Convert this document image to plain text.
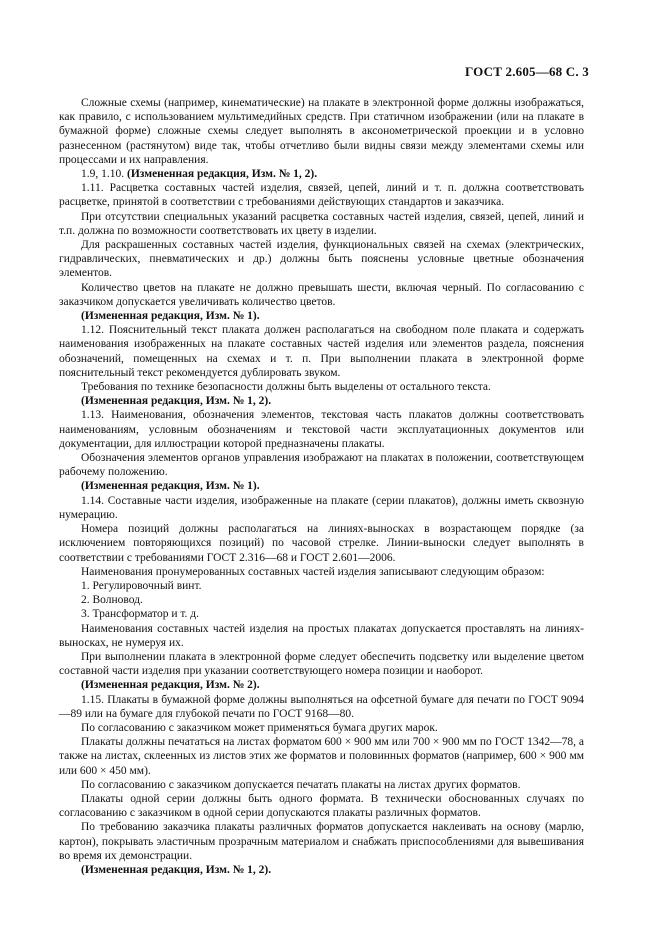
ГОСТ 2.605—68 С. 3

Сложные схемы (например, кинематические) на плакате в электронной форме должны изображаться, как правило, с использованием мультимедийных средств. При статичном изображении (или на плакате в бумажной форме) сложные схемы следует выполнять в аксонометрической проекции и в условно разнесенном (растянутом) виде так, чтобы отчетливо были видны связи между элементами схемы или процессами и их направления.

1.9, 1.10. (Измененная редакция, Изм. № 1, 2).

1.11. Расцветка составных частей изделия, связей, цепей, линий и т. п. должна соответствовать расцветке, принятой в соответствии с требованиями действующих стандартов и заказчика.

При отсутствии специальных указаний расцветка составных частей изделия, связей, цепей, линий и т.п. должна по возможности соответствовать их цвету в изделии.

Для раскрашенных составных частей изделия, функциональных связей на схемах (электрических, гидравлических, пневматических и др.) должны быть пояснены условные цветные обозначения элементов.

Количество цветов на плакате не должно превышать шести, включая черный. По согласованию с заказчиком допускается увеличивать количество цветов.

(Измененная редакция, Изм. № 1).

1.12. Пояснительный текст плаката должен располагаться на свободном поле плаката и содержать наименования изображенных на плакате составных частей изделия или элементов раздела, пояснения обозначений, помещенных на схемах и т. п. При выполнении плаката в электронной форме пояснительный текст рекомендуется дублировать звуком.

Требования по технике безопасности должны быть выделены от остального текста.

(Измененная редакция, Изм. № 1, 2).

1.13. Наименования, обозначения элементов, текстовая часть плакатов должны соответствовать наименованиям, условным обозначениям и текстовой части эксплуатационных документов или документации, для иллюстрации которой предназначены плакаты.

Обозначения элементов органов управления изображают на плакатах в положении, соответствующем рабочему положению.

(Измененная редакция, Изм. № 1).

1.14. Составные части изделия, изображенные на плакате (серии плакатов), должны иметь сквозную нумерацию.

Номера позиций должны располагаться на линиях-выносках в возрастающем порядке (за исключением повторяющихся позиций) по часовой стрелке. Линии-выноски следует выполнять в соответствии с требованиями ГОСТ 2.316—68 и ГОСТ 2.601—2006.

Наименования пронумерованных составных частей изделия записывают следующим образом:

1. Регулировочный винт.

2. Волновод.

3. Трансформатор и т. д.

Наименования составных частей изделия на простых плакатах допускается проставлять на линиях-выносках, не нумеруя их.

При выполнении плаката в электронной форме следует обеспечить подсветку или выделение цветом составной части изделия при указании соответствующего номера позиции и наоборот.

(Измененная редакция, Изм. № 2).

1.15. Плакаты в бумажной форме должны выполняться на офсетной бумаге для печати по ГОСТ 9094—89 или на бумаге для глубокой печати по ГОСТ 9168—80.

По согласованию с заказчиком может применяться бумага других марок.

Плакаты должны печататься на листах форматом 600 × 900 мм или 700 × 900 мм по ГОСТ 1342—78, а также на листах, склеенных из листов этих же форматов и половинных форматов (например, 600 × 900 мм или 600 × 450 мм).

По согласованию с заказчиком допускается печатать плакаты на листах других форматов.

Плакаты одной серии должны быть одного формата. В технически обоснованных случаях по согласованию с заказчиком в одной серии допускаются плакаты различных форматов.

По требованию заказчика плакаты различных форматов допускается наклеивать на основу (марлю, картон), покрывать эластичным прозрачным материалом и снабжать приспособлениями для вывешивания во время их демонстрации.

(Измененная редакция, Изм. № 1, 2).
